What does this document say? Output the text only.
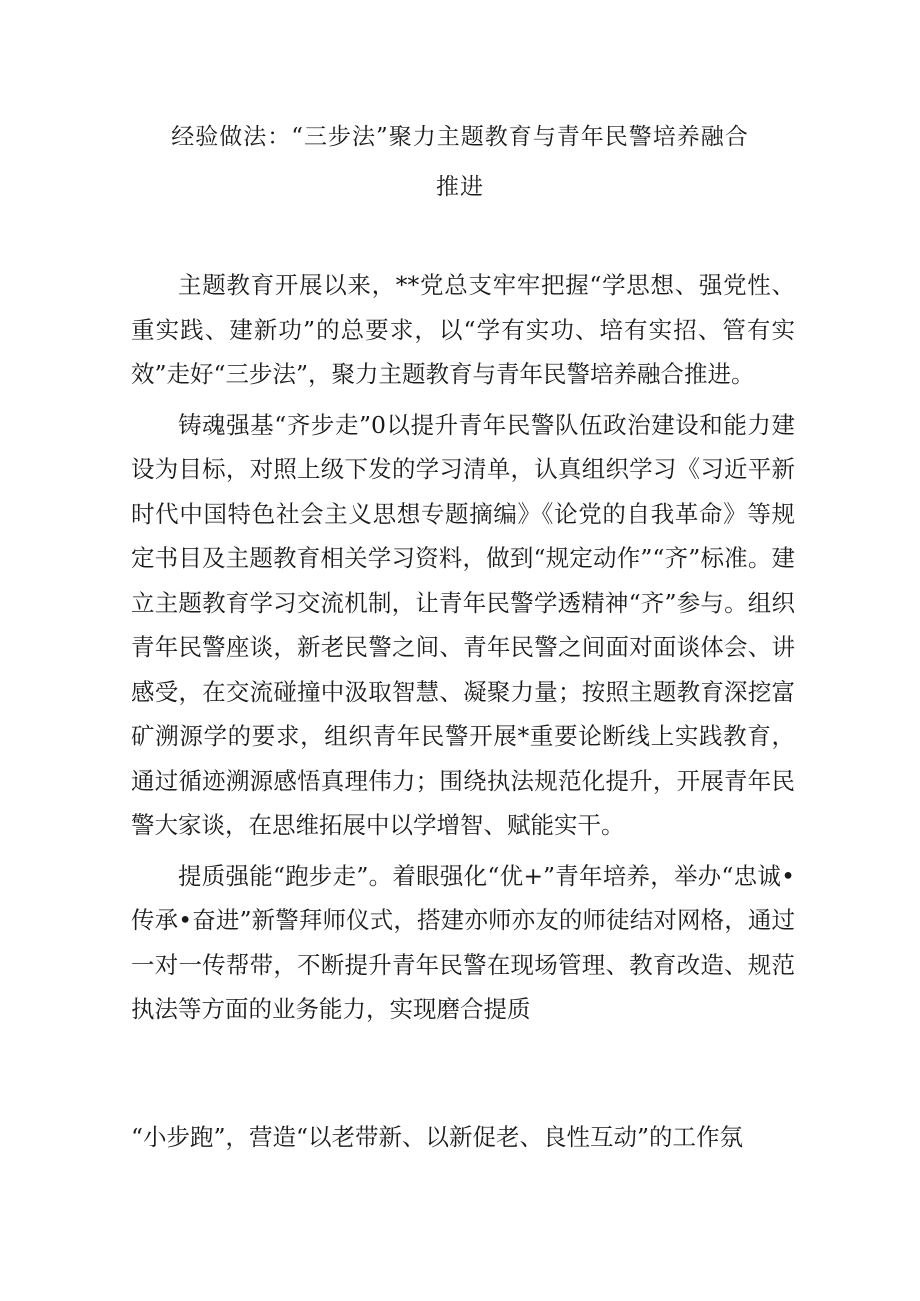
经验做法：“三步法”聚力主题教育与青年民警培养融合
推进

主题教育开展以来，**党总支牢牢把握“学思想、强党性、重实践、建新功”的总要求，以“学有实功、培有实招、管有实效”走好“三步法”，聚力主题教育与青年民警培养融合推进。

铸魂强基“齐步走”0以提升青年民警队伍政治建设和能力建设为目标，对照上级下发的学习清单，认真组织学习《习近平新时代中国特色社会主义思想专题摘编》《论党的自我革命》等规定书目及主题教育相关学习资料，做到“规定动作”“齐”标准。建立主题教育学习交流机制，让青年民警学透精神“齐”参与。组织青年民警座谈，新老民警之间、青年民警之间面对面谈体会、讲感受，在交流碰撞中汲取智慧、凝聚力量；按照主题教育深挖富矿溯源学的要求，组织青年民警开展*重要论断线上实践教育，通过循迹溯源感悟真理伟力；围绕执法规范化提升，开展青年民警大家谈，在思维拓展中以学增智、赋能实干。

提质强能“跑步走”。着眼强化“优+”青年培养，举办“忠诚•传承•奋进”新警拜师仪式，搭建亦师亦友的师徒结对网格，通过一对一传帮带，不断提升青年民警在现场管理、教育改造、规范执法等方面的业务能力，实现磨合提质

“小步跑”，营造“以老带新、以新促老、良性互动”的工作氛
